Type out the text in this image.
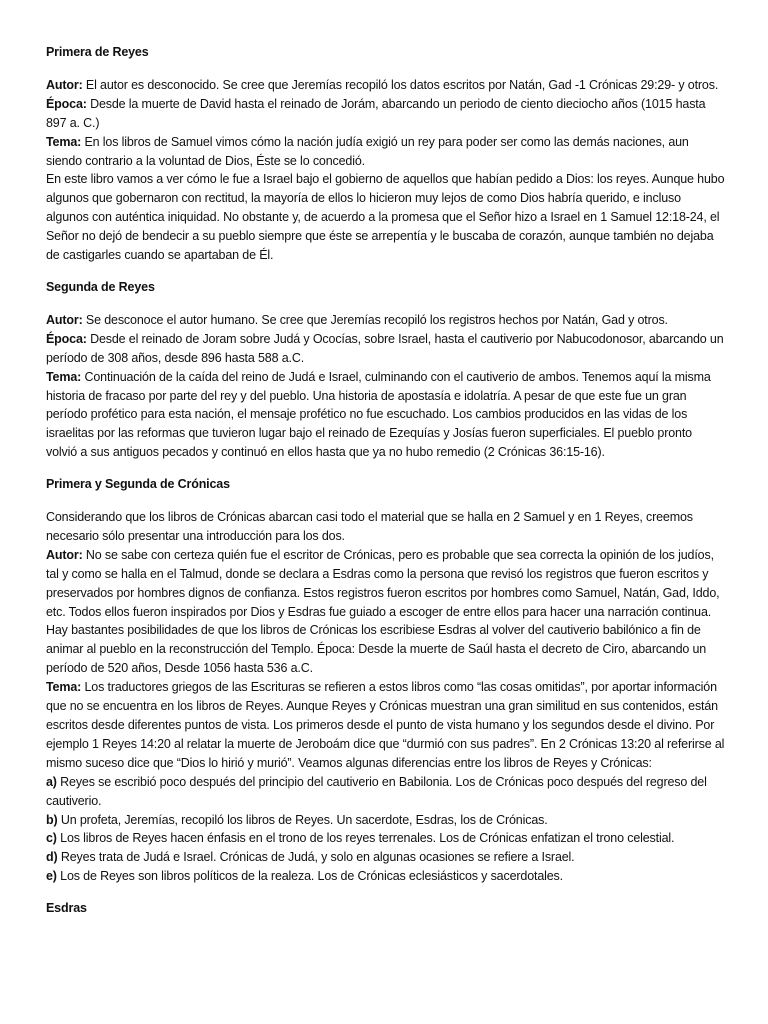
Primera de Reyes

Autor: El autor es desconocido. Se cree que Jeremías recopiló los datos escritos por Natán, Gad -1 Crónicas 29:29- y otros.

Época: Desde la muerte de David hasta el reinado de Jorám, abarcando un periodo de ciento dieciocho años (1015 hasta 897 a. C.)

Tema: En los libros de Samuel vimos cómo la nación judía exigió un rey para poder ser como las demás naciones, aun siendo contrario a la voluntad de Dios, Éste se lo concedió.

En este libro vamos a ver cómo le fue a Israel bajo el gobierno de aquellos que habían pedido a Dios: los reyes. Aunque hubo algunos que gobernaron con rectitud, la mayoría de ellos lo hicieron muy lejos de como Dios habría querido, e incluso algunos con auténtica iniquidad. No obstante y, de acuerdo a la promesa que el Señor hizo a Israel en 1 Samuel 12:18-24, el Señor no dejó de bendecir a su pueblo siempre que éste se arrepentía y le buscaba de corazón, aunque también no dejaba de castigarles cuando se apartaban de Él.

Segunda de Reyes

Autor: Se desconoce el autor humano. Se cree que Jeremías recopiló los registros hechos por Natán, Gad y otros.

Época: Desde el reinado de Joram sobre Judá y Ococías, sobre Israel, hasta el cautiverio por Nabucodonosor, abarcando un período de 308 años, desde 896 hasta 588 a.C.

Tema: Continuación de la caída del reino de Judá e Israel, culminando con el cautiverio de ambos. Tenemos aquí la misma historia de fracaso por parte del rey y del pueblo. Una historia de apostasía e idolatría. A pesar de que este fue un gran período profético para esta nación, el mensaje profético no fue escuchado. Los cambios producidos en las vidas de los israelitas por las reformas que tuvieron lugar bajo el reinado de Ezequías y Josías fueron superficiales. El pueblo pronto volvió a sus antiguos pecados y continuó en ellos hasta que ya no hubo remedio (2 Crónicas 36:15-16).

Primera y Segunda de Crónicas

Considerando que los libros de Crónicas abarcan casi todo el material que se halla en 2 Samuel y en 1 Reyes, creemos necesario sólo presentar una introducción para los dos.

Autor: No se sabe con certeza quién fue el escritor de Crónicas, pero es probable que sea correcta la opinión de los judíos, tal y como se halla en el Talmud, donde se declara a Esdras como la persona que revisó los registros que fueron escritos y preservados por hombres dignos de confianza. Estos registros fueron escritos por hombres como Samuel, Natán, Gad, Iddo, etc. Todos ellos fueron inspirados por Dios y Esdras fue guiado a escoger de entre ellos para hacer una narración continua. Hay bastantes posibilidades de que los libros de Crónicas los escribiese Esdras al volver del cautiverio babilónico a fin de animar al pueblo en la reconstrucción del Templo. Época: Desde la muerte de Saúl hasta el decreto de Ciro, abarcando un período de 520 años, Desde 1056 hasta 536 a.C.

Tema: Los traductores griegos de las Escrituras se refieren a estos libros como “las cosas omitidas”, por aportar información que no se encuentra en los libros de Reyes. Aunque Reyes y Crónicas muestran una gran similitud en sus contenidos, están escritos desde diferentes puntos de vista. Los primeros desde el punto de vista humano y los segundos desde el divino. Por ejemplo 1 Reyes 14:20 al relatar la muerte de Jeroboám dice que “durmió con sus padres”. En 2 Crónicas 13:20 al referirse al mismo suceso dice que “Dios lo hirió y murió”. Veamos algunas diferencias entre los libros de Reyes y Crónicas:

a) Reyes se escribió poco después del principio del cautiverio en Babilonia. Los de Crónicas poco después del regreso del cautiverio.

b) Un profeta, Jeremías, recopiló los libros de Reyes. Un sacerdote, Esdras, los de Crónicas.

c) Los libros de Reyes hacen énfasis en el trono de los reyes terrenales. Los de Crónicas enfatizan el trono celestial.

d) Reyes trata de Judá e Israel. Crónicas de Judá, y solo en algunas ocasiones se refiere a Israel.

e) Los de Reyes son libros políticos de la realeza. Los de Crónicas eclesiásticos y sacerdotales.

Esdras
